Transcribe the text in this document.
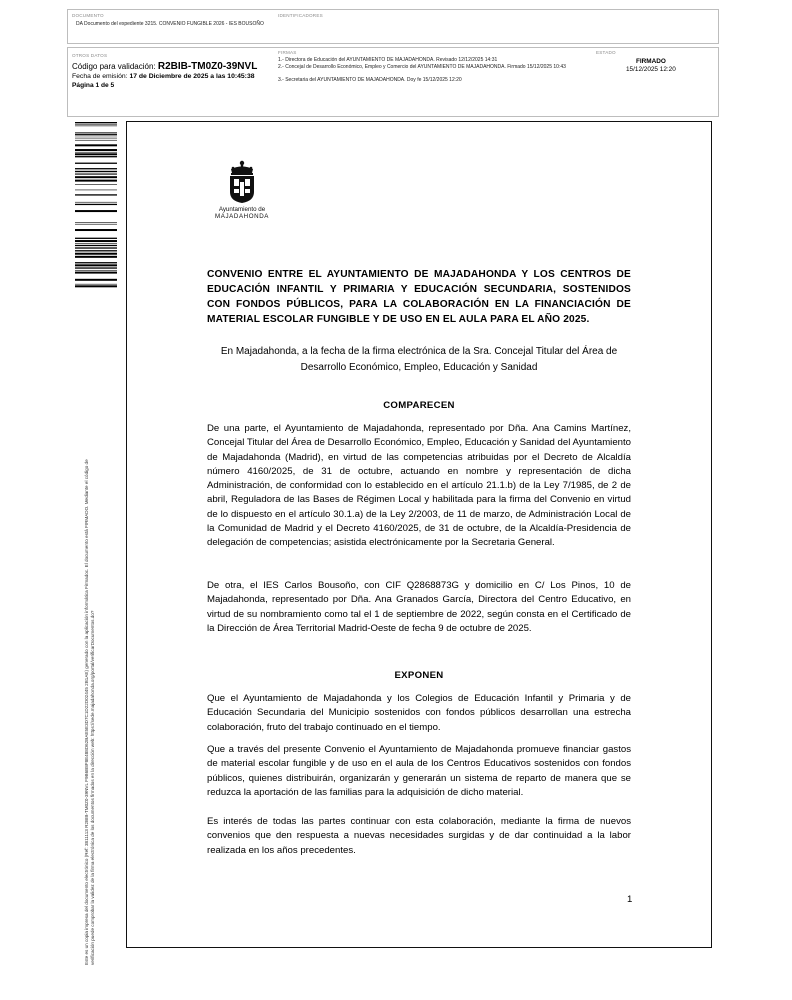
DOCUMENTO
DA Documento del expediente 3215. CONVENIO FUNGIBLE 2026 - IES BOUSOÑO
IDENTIFICADORES
OTROS DATOS
Código para validación: R2BIB-TM0Z0-39NVL
Fecha de emisión: 17 de Diciembre de 2025 a las 10:45:38
Página 1 de 5
FIRMAS
1.- Directora de Educación del AYUNTAMIENTO DE MAJADAHONDA. Revisado 12/12/2025 14:31
2.- Concejal de Desarrollo Económico, Empleo y Comercio del AYUNTAMIENTO DE MAJADAHONDA. Firmado 15/12/2025 10:43
3.- Secretaria del AYUNTAMIENTO DE MAJADAHONDA. Doy fe 15/12/2025 12:20
ESTADO
FIRMADO
15/12/2025 12:20
Este es un copia impresa del documento electrónico (Ref: 3811113 R2BIB-TM0Z0-39NVL F9B6B8F8E488D62BAE5E3D7C1D22D02445 2B1AE) generado con la aplicación informática Firmadoc. El documento está FIRMADO. Mediante el código de verificación puede comprobar la validez de la firma electrónica de los documentos firmados en la dirección web: https://sede.majadahonda.org/portal/verificarDocumentos.do?
Ayuntamiento de
MAJADAHONDA
CONVENIO ENTRE EL AYUNTAMIENTO DE MAJADAHONDA Y LOS CENTROS DE EDUCACIÓN INFANTIL Y PRIMARIA Y EDUCACIÓN SECUNDARIA, SOSTENIDOS CON FONDOS PÚBLICOS, PARA LA COLABORACIÓN EN LA FINANCIACIÓN DE MATERIAL ESCOLAR FUNGIBLE Y DE USO EN EL AULA PARA EL AÑO 2025.
En Majadahonda, a la fecha de la firma electrónica de la Sra. Concejal Titular del Área de Desarrollo Económico, Empleo, Educación y Sanidad
COMPARECEN
De una parte, el Ayuntamiento de Majadahonda, representado por Dña. Ana Camins Martínez, Concejal Titular del Área de Desarrollo Económico, Empleo, Educación y Sanidad del Ayuntamiento de Majadahonda (Madrid), en virtud de las competencias atribuidas por el Decreto de Alcaldía número 4160/2025, de 31 de octubre, actuando en nombre y representación de dicha Administración, de conformidad con lo establecido en el artículo 21.1.b) de la Ley 7/1985, de 2 de abril, Reguladora de las Bases de Régimen Local y habilitada para la firma del Convenio en virtud de lo dispuesto en el artículo 30.1.a) de la Ley 2/2003, de 11 de marzo, de Administración Local de la Comunidad de Madrid y el Decreto 4160/2025, de 31 de octubre, de la Alcaldía-Presidencia de delegación de competencias; asistida electrónicamente por la Secretaria General.
De otra, el IES Carlos Bousoño, con CIF Q2868873G y domicilio en C/ Los Pinos, 10 de Majadahonda, representado por Dña. Ana Granados García, Directora del Centro Educativo, en virtud de su nombramiento como tal el 1 de septiembre de 2022, según consta en el Certificado de la Dirección de Área Territorial Madrid-Oeste de fecha 9 de octubre de 2025.
EXPONEN
Que el Ayuntamiento de Majadahonda y los Colegios de Educación Infantil y Primaria y de Educación Secundaria del Municipio sostenidos con fondos públicos desarrollan una estrecha colaboración, fruto del trabajo continuado en el tiempo.
Que a través del presente Convenio el Ayuntamiento de Majadahonda promueve financiar gastos de material escolar fungible y de uso en el aula de los Centros Educativos sostenidos con fondos públicos, quienes distribuirán, organizarán y generarán un sistema de reparto de manera que se reduzca la aportación de las familias para la adquisición de dicho material.
Es interés de todas las partes continuar con esta colaboración, mediante la firma de nuevos convenios que den respuesta a nuevas necesidades surgidas y de dar continuidad a la labor realizada en los años precedentes.
1
